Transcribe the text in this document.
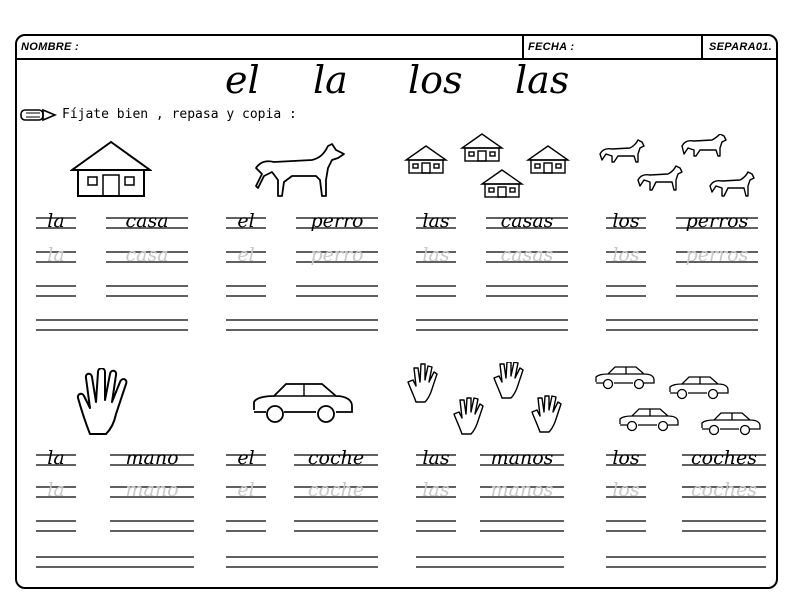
NOMBRE :	FECHA :	SEPARA01.
el la los las
Fíjate bien , repasa y copia :
la	casa
la	casa
el	perro
el	perro
las	casas
las	casas
los	perros
los	perros
la	mano
la	mano
el	coche
el	coche
las	manos
las	manos
los	coches
los	coches
